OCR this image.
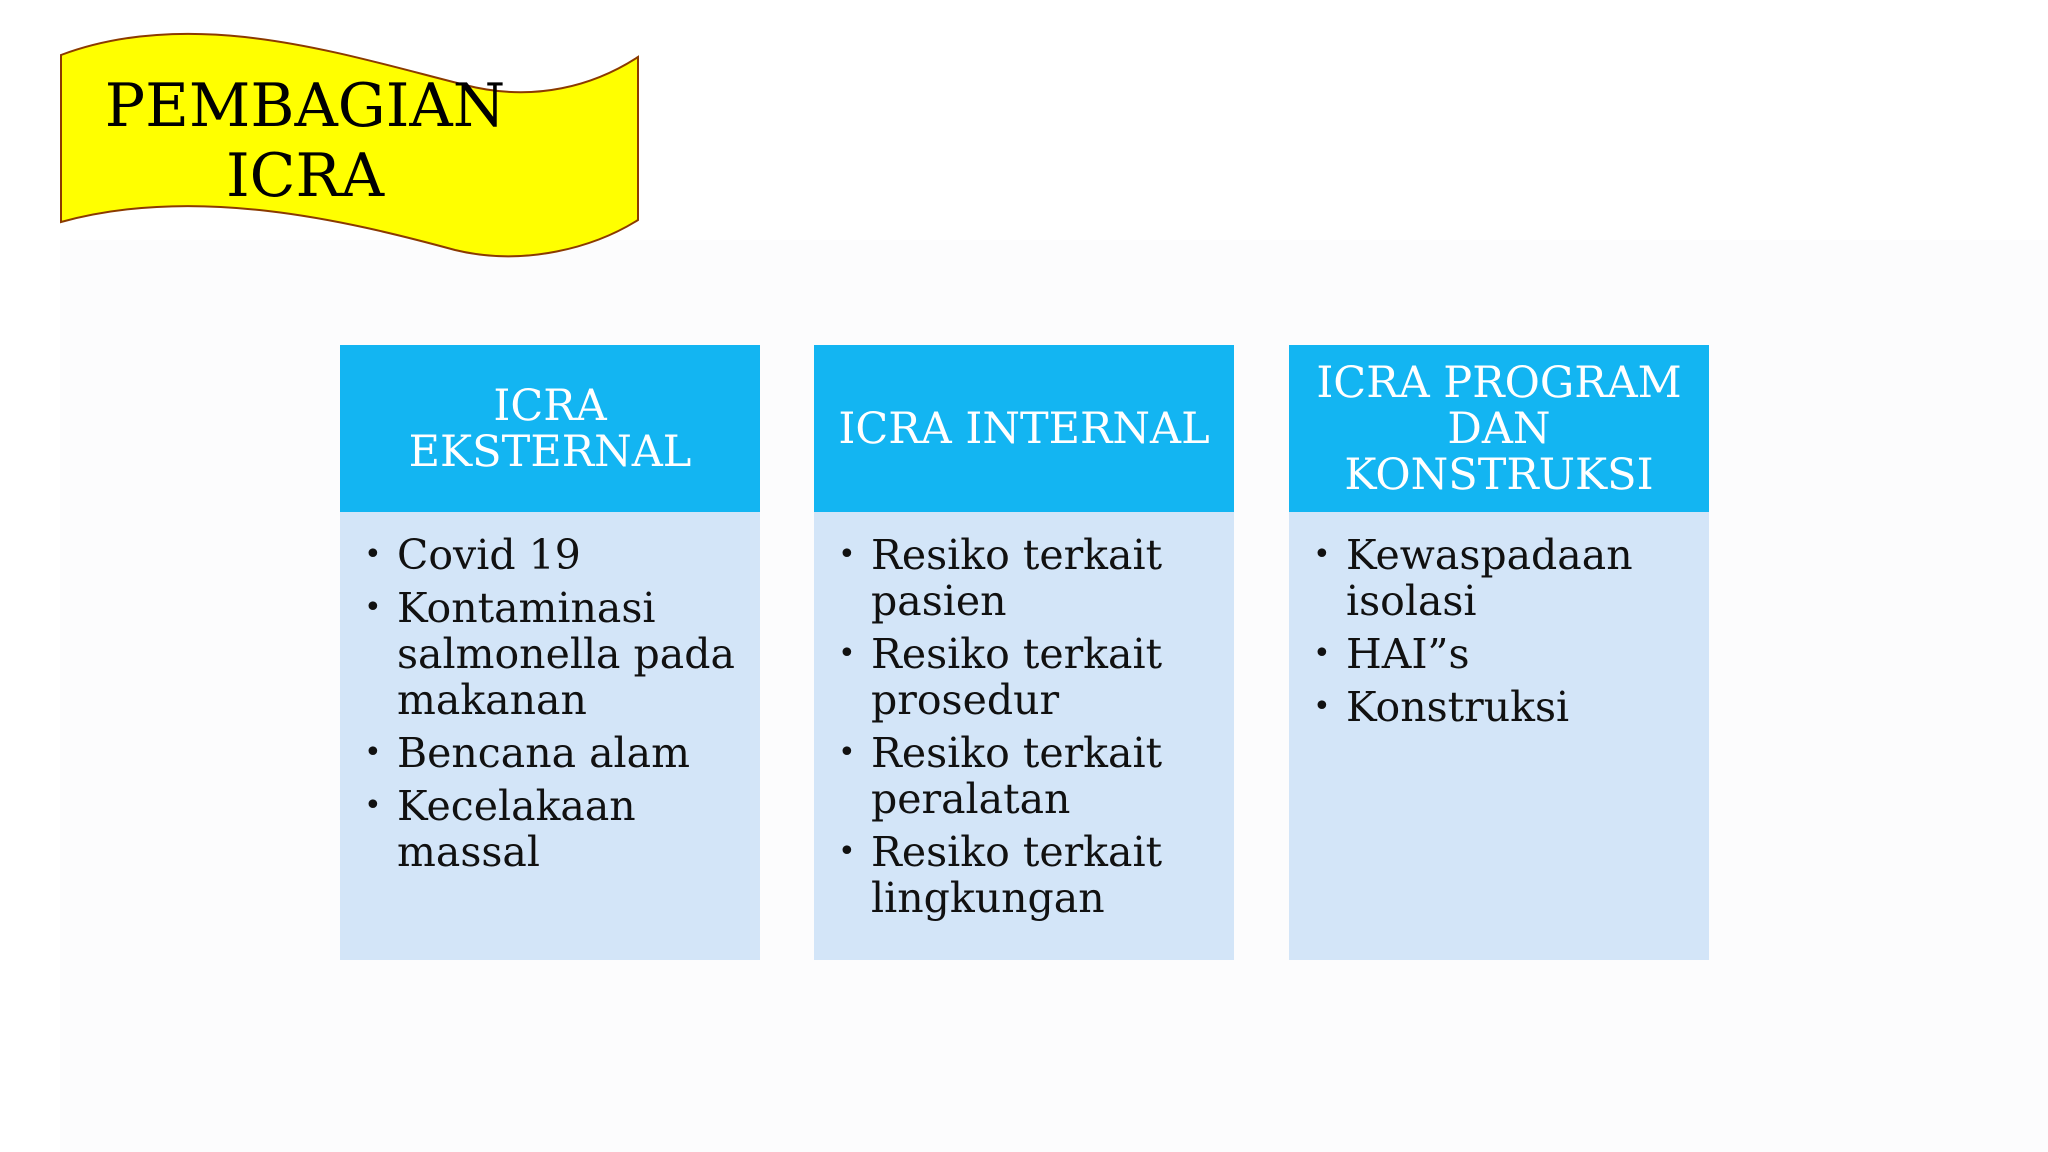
PEMBAGIAN
ICRA
ICRA
EKSTERNAL
• Covid 19
• Kontaminasi salmonella pada makanan
• Bencana alam
• Kecelakaan massal
ICRA INTERNAL
• Resiko terkait pasien
• Resiko terkait prosedur
• Resiko terkait peralatan
• Resiko terkait lingkungan
ICRA PROGRAM
DAN
KONSTRUKSI
• Kewaspadaan isolasi
• HAI”s
• Konstruksi
